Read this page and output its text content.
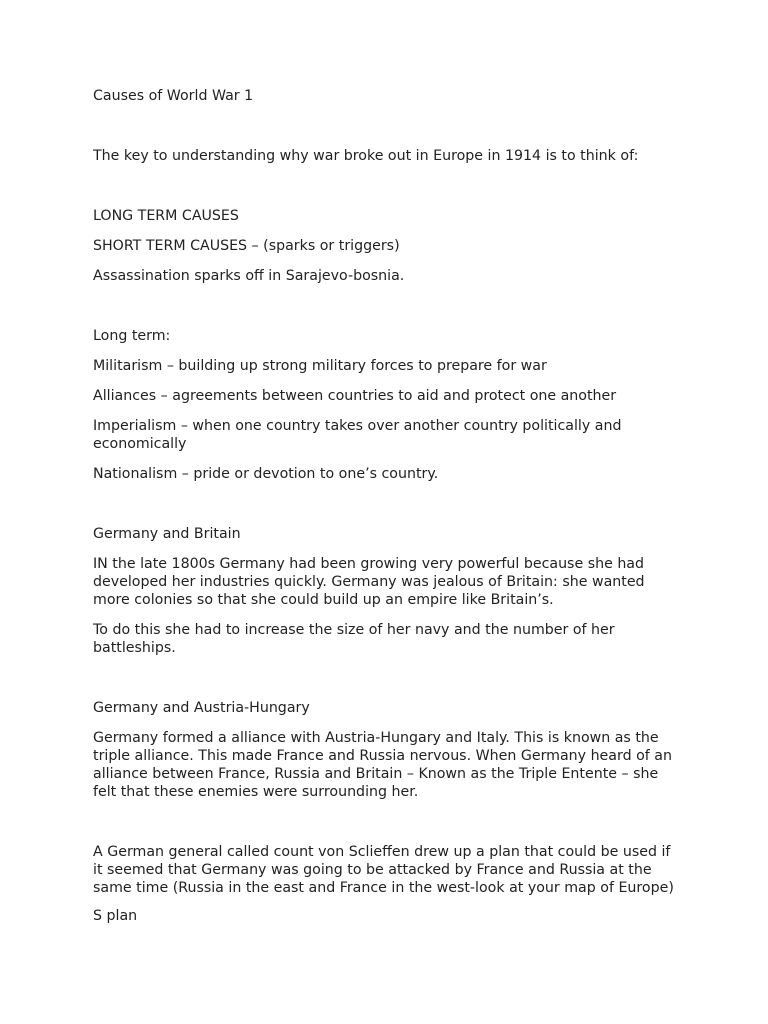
Causes of World War 1
The key to understanding why war broke out in Europe in 1914 is to think of:
LONG TERM CAUSES
SHORT TERM CAUSES – (sparks or triggers)
Assassination sparks off in Sarajevo-bosnia.
Long term:
Militarism – building up strong military forces to prepare for war
Alliances – agreements between countries to aid and protect one another
Imperialism – when one country takes over another country politically and economically
Nationalism – pride or devotion to one’s country.
Germany and Britain
IN the late 1800s Germany had been growing very powerful because she had developed her industries quickly. Germany was jealous of Britain: she wanted more colonies so that she could build up an empire like Britain’s.
To do this she had to increase the size of her navy and the number of her battleships.
Germany and Austria-Hungary
Germany formed a alliance with Austria-Hungary and Italy. This is known as the triple alliance. This made France and Russia nervous. When Germany heard of an alliance between France, Russia and Britain – Known as the Triple Entente – she felt that these enemies were surrounding her.
A German general called count von Sclieffen drew up a plan that could be used if it seemed that Germany was going to be attacked by France and Russia at the same time (Russia in the east and France in the west-look at your map of Europe)
S plan
